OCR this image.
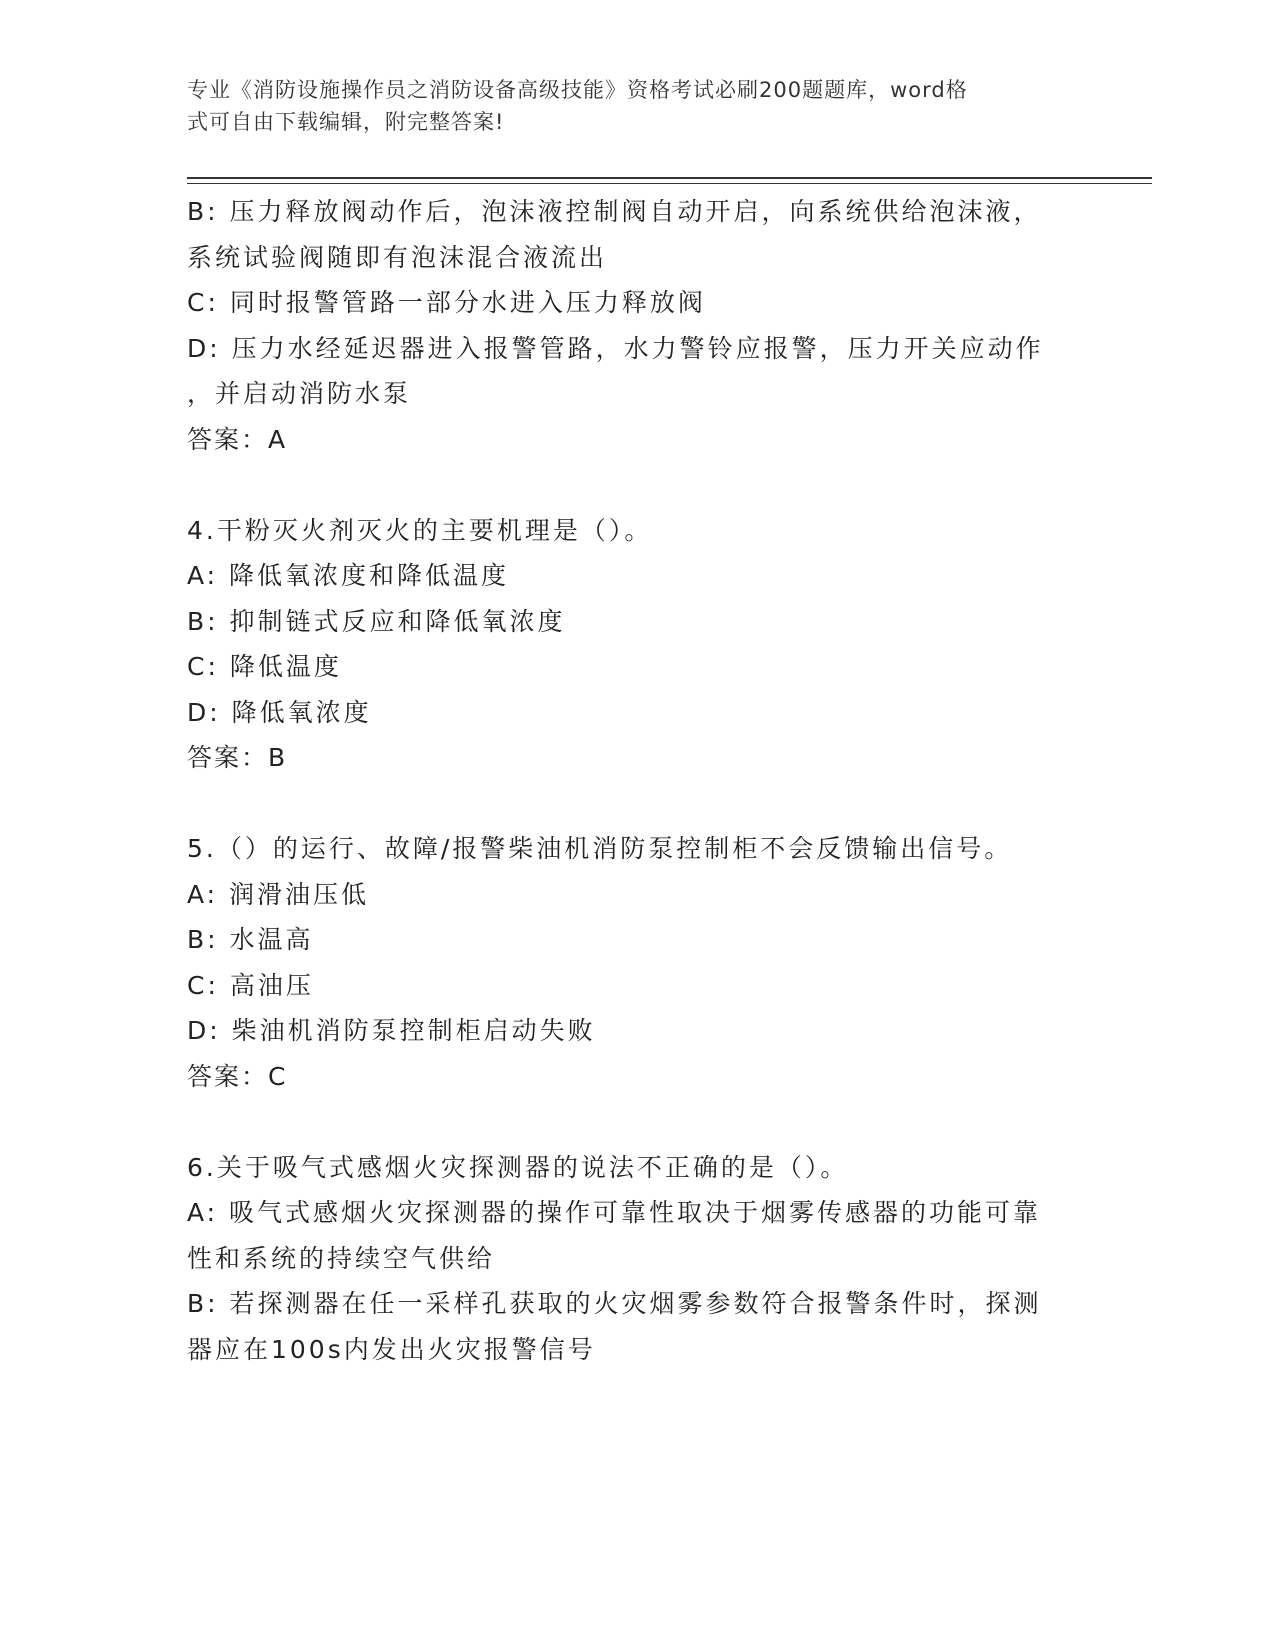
专业《消防设施操作员之消防设备高级技能》资格考试必刷200题题库，word格
式可自由下载编辑，附完整答案!
B: 压力释放阀动作后，泡沫液控制阀自动开启，向系统供给泡沫液，
系统试验阀随即有泡沫混合液流出
C: 同时报警管路一部分水进入压力释放阀
D: 压力水经延迟器进入报警管路，水力警铃应报警，压力开关应动作
，并启动消防水泵
答案：A
4.干粉灭火剂灭火的主要机理是（）。
A: 降低氧浓度和降低温度
B: 抑制链式反应和降低氧浓度
C: 降低温度
D: 降低氧浓度
答案：B
5.（）的运行、故障/报警柴油机消防泵控制柜不会反馈输出信号。
A: 润滑油压低
B: 水温高
C: 高油压
D: 柴油机消防泵控制柜启动失败
答案：C
6.关于吸气式感烟火灾探测器的说法不正确的是（）。
A: 吸气式感烟火灾探测器的操作可靠性取决于烟雾传感器的功能可靠
性和系统的持续空气供给
B: 若探测器在任一采样孔获取的火灾烟雾参数符合报警条件时，探测
器应在100s内发出火灾报警信号
